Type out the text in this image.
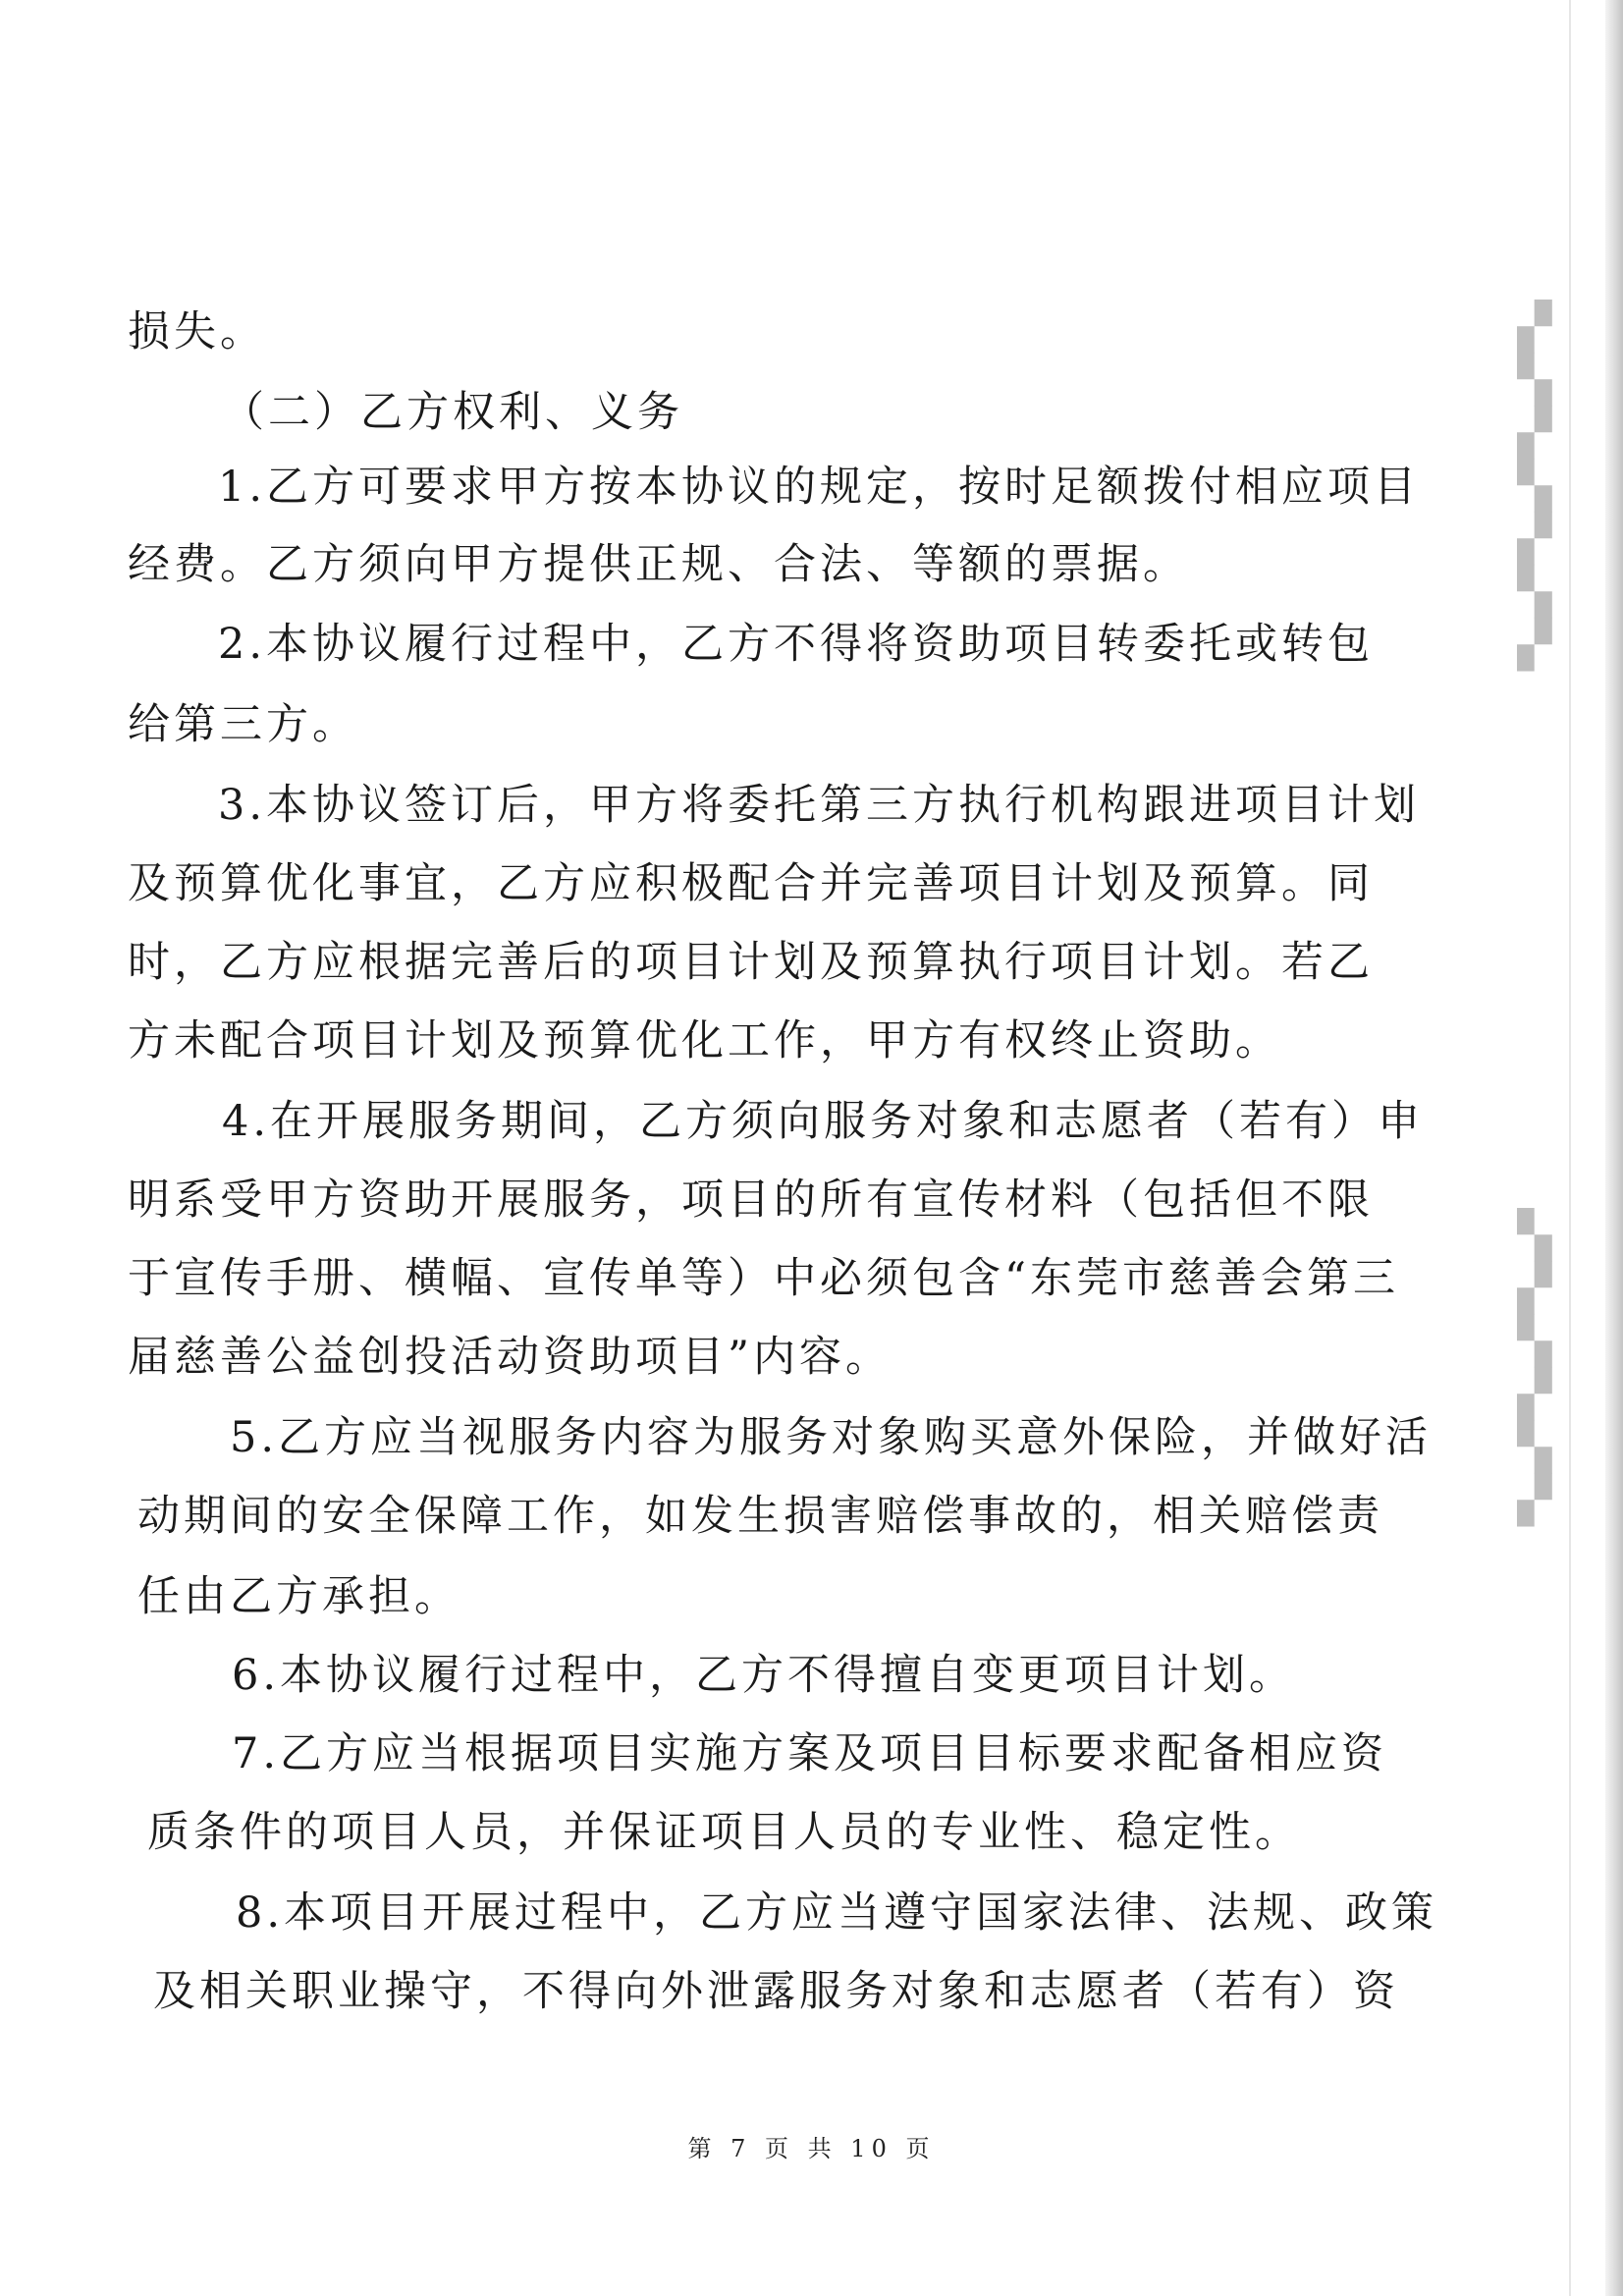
▞
▚
▞
▚
▞
▚
▞
▚
▞
▚
▞
▚
▞
损失。
（二）乙方权利、义务
1.乙方可要求甲方按本协议的规定，按时足额拨付相应项目
经费。乙方须向甲方提供正规、合法、等额的票据。
2.本协议履行过程中，乙方不得将资助项目转委托或转包
给第三方。
3.本协议签订后，甲方将委托第三方执行机构跟进项目计划
及预算优化事宜，乙方应积极配合并完善项目计划及预算。同
时，乙方应根据完善后的项目计划及预算执行项目计划。若乙
方未配合项目计划及预算优化工作，甲方有权终止资助。
4.在开展服务期间，乙方须向服务对象和志愿者（若有）申
明系受甲方资助开展服务，项目的所有宣传材料（包括但不限
于宣传手册、横幅、宣传单等）中必须包含“东莞市慈善会第三
届慈善公益创投活动资助项目”内容。
5.乙方应当视服务内容为服务对象购买意外保险，并做好活
动期间的安全保障工作，如发生损害赔偿事故的，相关赔偿责
任由乙方承担。
6.本协议履行过程中，乙方不得擅自变更项目计划。
7.乙方应当根据项目实施方案及项目目标要求配备相应资
质条件的项目人员，并保证项目人员的专业性、稳定性。
8.本项目开展过程中，乙方应当遵守国家法律、法规、政策
及相关职业操守，不得向外泄露服务对象和志愿者（若有）资
第 7 页 共 10 页
